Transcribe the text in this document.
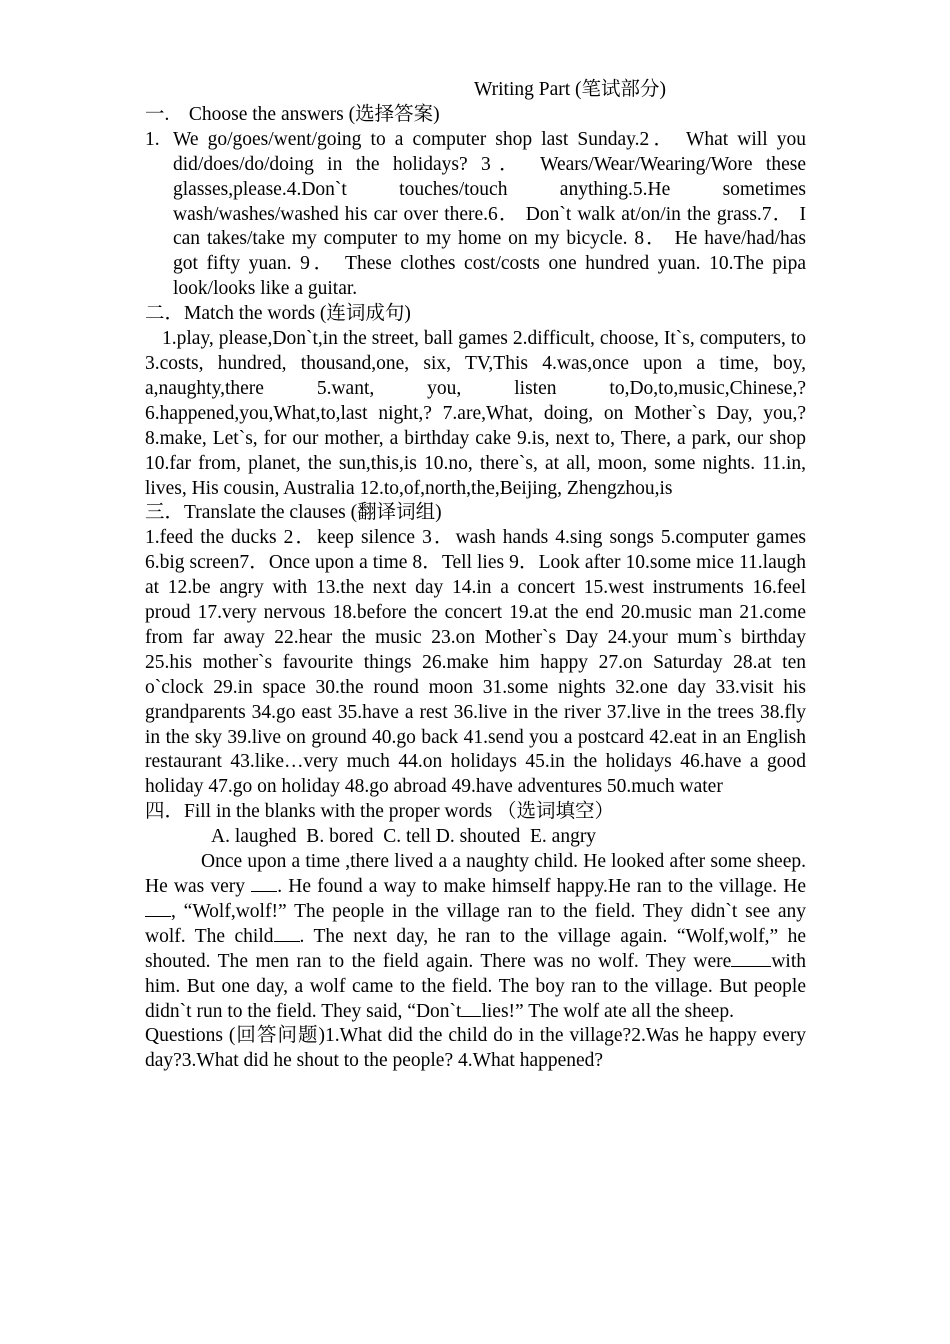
Writing Part (笔试部分)

一.    Choose the answers (选择答案)

1. We go/goes/went/going to a computer shop last Sunday.2． What will you did/does/do/doing in the holidays? 3． Wears/Wear/Wearing/Wore these glasses,please.4.Don`t touches/touch anything.5.He sometimes wash/washes/washed his car over there.6． Don`t walk at/on/in the grass.7． I can takes/take my computer to my home on my bicycle. 8． He have/had/has got fifty yuan. 9． These clothes cost/costs one hundred yuan. 10.The pipa look/looks like a guitar.

二．Match the words (连词成句)

1.play, please,Don`t,in the street, ball games 2.difficult, choose, It`s, computers, to 3.costs, hundred, thousand,one, six, TV,This 4.was,once upon a time, boy, a,naughty,there 5.want, you, listen to,Do,to,music,Chinese,? 6.happened,you,What,to,last night,? 7.are,What, doing, on Mother`s Day, you,? 8.make, Let`s, for our mother, a birthday cake 9.is, next to, There, a park, our shop 10.far from, planet, the sun,this,is 10.no, there`s, at all, moon, some nights. 11.in, lives, His cousin, Australia 12.to,of,north,the,Beijing, Zhengzhou,is

三．Translate the clauses (翻译词组)

1.feed the ducks 2．keep silence 3．wash hands 4.sing songs 5.computer games 6.big screen7．Once upon a time 8．Tell lies 9．Look after 10.some mice 11.laugh at 12.be angry with 13.the next day 14.in a concert 15.west instruments 16.feel proud 17.very nervous 18.before the concert 19.at the end 20.music man 21.come from far away 22.hear the music 23.on Mother`s Day 24.your mum`s birthday 25.his mother`s favourite things 26.make him happy 27.on Saturday 28.at ten o`clock 29.in space 30.the round moon 31.some nights 32.one day 33.visit his grandparents 34.go east 35.have a rest 36.live in the river 37.live in the trees 38.fly in the sky 39.live on ground 40.go back 41.send you a postcard 42.eat in an English restaurant 43.like…very much 44.on holidays 45.in the holidays 46.have a good holiday 47.go on holiday 48.go abroad 49.have adventures 50.much water

四．Fill in the blanks with the proper words （选词填空）

A. laughed  B. bored  C. tell D. shouted  E. angry

Once upon a time ,there lived a a naughty child. He looked after some sheep. He was very . He found a way to make himself happy.He ran to the village. He, “Wolf,wolf!” The people in the village ran to the field. They didn`t see any wolf. The child . The next day, he ran to the village again. “Wolf,wolf,” he shouted. The men ran to the field again. There was no wolf. They were with him. But one day, a wolf came to the field. The boy ran to the village. But people didn`t run to the field. They said, “Don`t lies!” The wolf ate all the sheep.

Questions (回答问题)1.What did the child do in the village?2.Was he happy every day?3.What did he shout to the people? 4.What happened?
